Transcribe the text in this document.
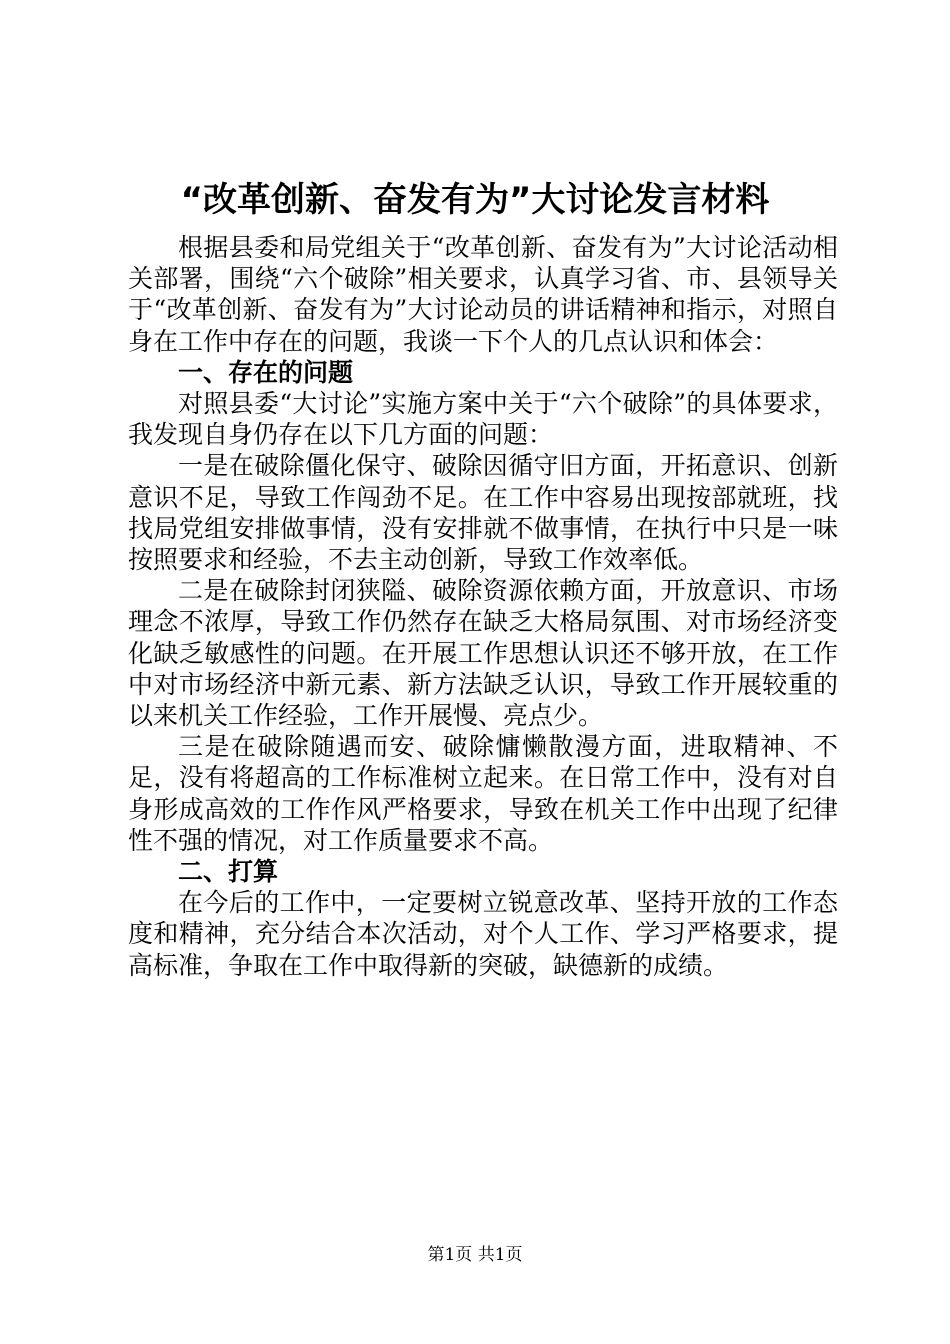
“改革创新、奋发有为”大讨论发言材料

根据县委和局党组关于“改革创新、奋发有为”大讨论活动相关部署，围绕“六个破除”相关要求，认真学习省、市、县领导关于“改革创新、奋发有为”大讨论动员的讲话精神和指示，对照自身在工作中存在的问题，我谈一下个人的几点认识和体会：

一、存在的问题

对照县委“大讨论”实施方案中关于“六个破除”的具体要求，我发现自身仍存在以下几方面的问题：

一是在破除僵化保守、破除因循守旧方面，开拓意识、创新意识不足，导致工作闯劲不足。在工作中容易出现按部就班，找找局党组安排做事情，没有安排就不做事情，在执行中只是一味按照要求和经验，不去主动创新，导致工作效率低。

二是在破除封闭狭隘、破除资源依赖方面，开放意识、市场理念不浓厚，导致工作仍然存在缺乏大格局氛围、对市场经济变化缺乏敏感性的问题。在开展工作思想认识还不够开放，在工作中对市场经济中新元素、新方法缺乏认识，导致工作开展较重的以来机关工作经验，工作开展慢、亮点少。

三是在破除随遇而安、破除慵懒散漫方面，进取精神、不足，没有将超高的工作标准树立起来。在日常工作中，没有对自身形成高效的工作作风严格要求，导致在机关工作中出现了纪律性不强的情况，对工作质量要求不高。

二、打算

在今后的工作中，一定要树立锐意改革、坚持开放的工作态度和精神，充分结合本次活动，对个人工作、学习严格要求，提高标准，争取在工作中取得新的突破，缺德新的成绩。

第1页 共1页
